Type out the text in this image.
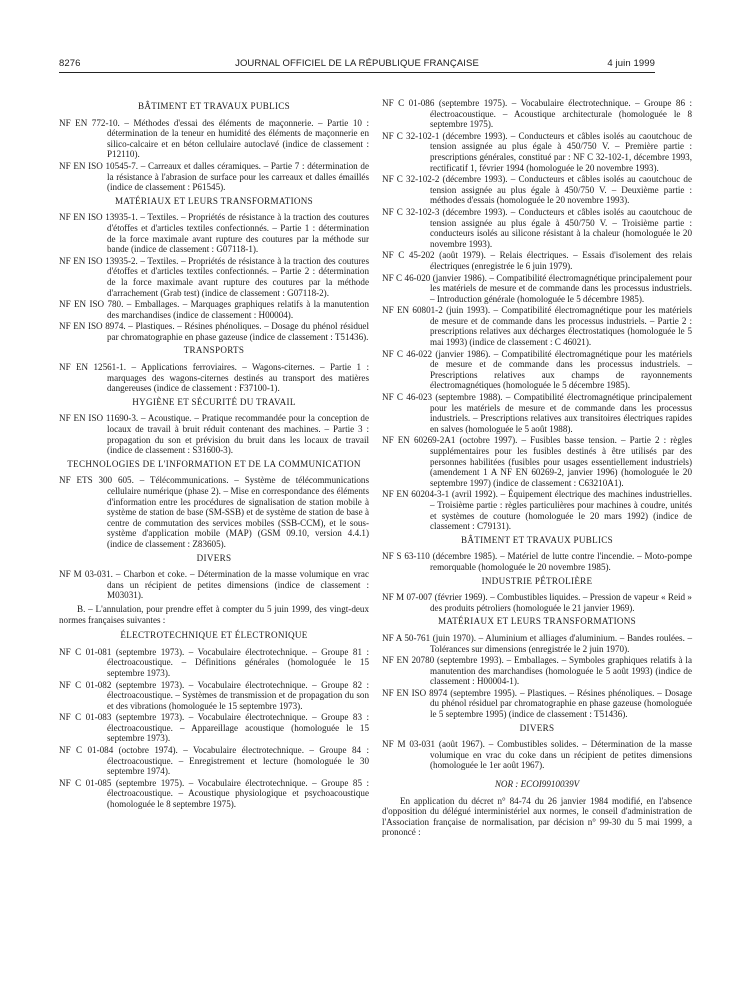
8276	JOURNAL OFFICIEL DE LA RÉPUBLIQUE FRANÇAISE	4 juin 1999
BÂTIMENT ET TRAVAUX PUBLICS
NF EN 772-10. – Méthodes d'essai des éléments de maçonnerie. – Partie 10 : détermination de la teneur en humidité des éléments de maçonnerie en silico-calcaire et en béton cellulaire autoclavé (indice de classement : P12110).
NF EN ISO 10545-7. – Carreaux et dalles céramiques. – Partie 7 : détermination de la résistance à l'abrasion de surface pour les carreaux et dalles émaillés (indice de classement : P61545).
MATÉRIAUX ET LEURS TRANSFORMATIONS
NF EN ISO 13935-1. – Textiles. – Propriétés de résistance à la traction des coutures d'étoffes et d'articles textiles confectionnés. – Partie 1 : détermination de la force maximale avant rupture des coutures par la méthode sur bande (indice de classement : G07118-1).
NF EN ISO 13935-2. – Textiles. – Propriétés de résistance à la traction des coutures d'étoffes et d'articles textiles confectionnés. – Partie 2 : détermination de la force maximale avant rupture des coutures par la méthode d'arrachement (Grab test) (indice de classement : G07118-2).
NF EN ISO 780. – Emballages. – Marquages graphiques relatifs à la manutention des marchandises (indice de classement : H00004).
NF EN ISO 8974. – Plastiques. – Résines phénoliques. – Dosage du phénol résiduel par chromatographie en phase gazeuse (indice de classement : T51436).
TRANSPORTS
NF EN 12561-1. – Applications ferroviaires. – Wagons-citernes. – Partie 1 : marquages des wagons-citernes destinés au transport des matières dangereuses (indice de classement : F37100-1).
HYGIÈNE ET SÉCURITÉ DU TRAVAIL
NF EN ISO 11690-3. – Acoustique. – Pratique recommandée pour la conception de locaux de travail à bruit réduit contenant des machines. – Partie 3 : propagation du son et prévision du bruit dans les locaux de travail (indice de classement : S31600-3).
TECHNOLOGIES DE L'INFORMATION ET DE LA COMMUNICATION
NF ETS 300 605. – Télécommunications. – Système de télécommunications cellulaire numérique (phase 2). – Mise en correspondance des éléments d'information entre les procédures de signalisation de station mobile à système de station de base (SM-SSB) et de système de station de base à centre de commutation des services mobiles (SSB-CCM), et le sous-système d'application mobile (MAP) (GSM 09.10, version 4.4.1) (indice de classement : Z83605).
DIVERS
NF M 03-031. – Charbon et coke. – Détermination de la masse volumique en vrac dans un récipient de petites dimensions (indice de classement : M03031).
B. – L'annulation, pour prendre effet à compter du 5 juin 1999, des vingt-deux normes françaises suivantes :
ÉLECTROTECHNIQUE ET ÉLECTRONIQUE
NF C 01-081 (septembre 1973). – Vocabulaire électrotechnique. – Groupe 81 : électroacoustique. – Définitions générales (homologuée le 15 septembre 1973).
NF C 01-082 (septembre 1973). – Vocabulaire électrotechnique. – Groupe 82 : électroacoustique. – Systèmes de transmission et de propagation du son et des vibrations (homologuée le 15 septembre 1973).
NF C 01-083 (septembre 1973). – Vocabulaire électrotechnique. – Groupe 83 : électroacoustique. – Appareillage acoustique (homologuée le 15 septembre 1973).
NF C 01-084 (octobre 1974). – Vocabulaire électrotechnique. – Groupe 84 : électroacoustique. – Enregistrement et lecture (homologuée le 30 septembre 1974).
NF C 01-085 (septembre 1975). – Vocabulaire électrotechnique. – Groupe 85 : électroacoustique. – Acoustique physiologique et psychoacoustique (homologuée le 8 septembre 1975).
NF C 01-086 (septembre 1975). – Vocabulaire électrotechnique. – Groupe 86 : électroacoustique. – Acoustique architecturale (homologuée le 8 septembre 1975).
NF C 32-102-1 (décembre 1993). – Conducteurs et câbles isolés au caoutchouc de tension assignée au plus égale à 450/750 V. – Première partie : prescriptions générales, constitué par : NF C 32-102-1, décembre 1993, rectificatif 1, février 1994 (homologuée le 20 novembre 1993).
NF C 32-102-2 (décembre 1993). – Conducteurs et câbles isolés au caoutchouc de tension assignée au plus égale à 450/750 V. – Deuxième partie : méthodes d'essais (homologuée le 20 novembre 1993).
NF C 32-102-3 (décembre 1993). – Conducteurs et câbles isolés au caoutchouc de tension assignée au plus égale à 450/750 V. – Troisième partie : conducteurs isolés au silicone résistant à la chaleur (homologuée le 20 novembre 1993).
NF C 45-202 (août 1979). – Relais électriques. – Essais d'isolement des relais électriques (enregistrée le 6 juin 1979).
NF C 46-020 (janvier 1986). – Compatibilité électromagnétique principalement pour les matériels de mesure et de commande dans les processus industriels. – Introduction générale (homologuée le 5 décembre 1985).
NF EN 60801-2 (juin 1993). – Compatibilité électromagnétique pour les matériels de mesure et de commande dans les processus industriels. – Partie 2 : prescriptions relatives aux décharges électrostatiques (homologuée le 5 mai 1993) (indice de classement : C 46021).
NF C 46-022 (janvier 1986). – Compatibilité électromagnétique pour les matériels de mesure et de commande dans les processus industriels. – Prescriptions relatives aux champs de rayonnements électromagnétiques (homologuée le 5 décembre 1985).
NF C 46-023 (septembre 1988). – Compatibilité électromagnétique principalement pour les matériels de mesure et de commande dans les processus industriels. – Prescriptions relatives aux transitoires électriques rapides en salves (homologuée le 5 août 1988).
NF EN 60269-2A1 (octobre 1997). – Fusibles basse tension. – Partie 2 : règles supplémentaires pour les fusibles destinés à être utilisés par des personnes habilitées (fusibles pour usages essentiellement industriels) (amendement 1 A NF EN 60269-2, janvier 1996) (homologuée le 20 septembre 1997) (indice de classement : C63210A1).
NF EN 60204-3-1 (avril 1992). – Équipement électrique des machines industrielles. – Troisième partie : règles particulières pour machines à coudre, unités et systèmes de couture (homologuée le 20 mars 1992) (indice de classement : C79131).
BÂTIMENT ET TRAVAUX PUBLICS
NF S 63-110 (décembre 1985). – Matériel de lutte contre l'incendie. – Moto-pompe remorquable (homologuée le 20 novembre 1985).
INDUSTRIE PÉTROLIÈRE
NF M 07-007 (février 1969). – Combustibles liquides. – Pression de vapeur « Reid » des produits pétroliers (homologuée le 21 janvier 1969).
MATÉRIAUX ET LEURS TRANSFORMATIONS
NF A 50-761 (juin 1970). – Aluminium et alliages d'aluminium. – Bandes roulées. – Tolérances sur dimensions (enregistrée le 2 juin 1970).
NF EN 20780 (septembre 1993). – Emballages. – Symboles graphiques relatifs à la manutention des marchandises (homologuée le 5 août 1993) (indice de classement : H00004-1).
NF EN ISO 8974 (septembre 1995). – Plastiques. – Résines phénoliques. – Dosage du phénol résiduel par chromatographie en phase gazeuse (homologuée le 5 septembre 1995) (indice de classement : T51436).
DIVERS
NF M 03-031 (août 1967). – Combustibles solides. – Détermination de la masse volumique en vrac du coke dans un récipient de petites dimensions (homologuée le 1er août 1967).
NOR : ECOI9910039V
En application du décret n° 84-74 du 26 janvier 1984 modifié, en l'absence d'opposition du délégué interministériel aux normes, le conseil d'administration de l'Association française de normalisation, par décision n° 99-30 du 5 mai 1999, a prononcé :
